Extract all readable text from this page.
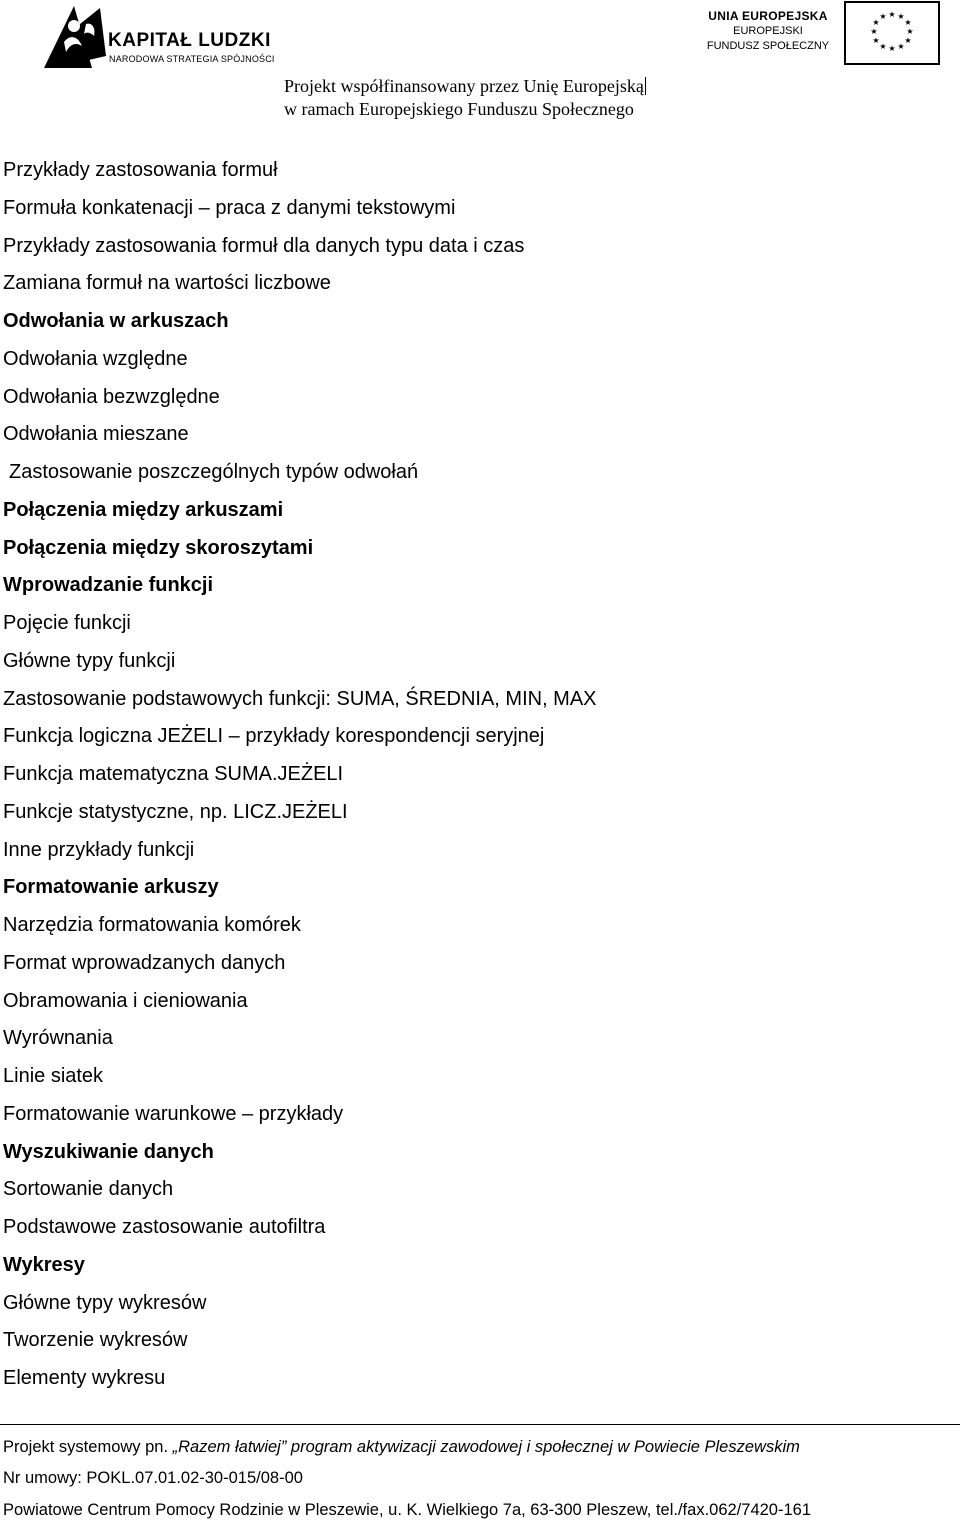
KAPITAŁ LUDZKI
NARODOWA STRATEGIA SPÓJNOŚCI
UNIA EUROPEJSKA
EUROPEJSKI
FUNDUSZ SPOŁECZNY
★ ★
★
★
★
★
★
★
★
★
★
★
Projekt współfinansowany przez Unię Europejską
w ramach Europejskiego Funduszu Społecznego
Przykłady zastosowania formuł
Formuła konkatenacji – praca z danymi tekstowymi
Przykłady zastosowania formuł dla danych typu data i czas
Zamiana formuł na wartości liczbowe
Odwołania w arkuszach
Odwołania względne
Odwołania bezwzględne
Odwołania mieszane
Zastosowanie poszczególnych typów odwołań
Połączenia między arkuszami
Połączenia między skoroszytami
Wprowadzanie funkcji
Pojęcie funkcji
Główne typy funkcji
Zastosowanie podstawowych funkcji: SUMA, ŚREDNIA, MIN, MAX
Funkcja logiczna JEŻELI – przykłady korespondencji seryjnej
Funkcja matematyczna SUMA.JEŻELI
Funkcje statystyczne, np. LICZ.JEŻELI
Inne przykłady funkcji
Formatowanie arkuszy
Narzędzia formatowania komórek
Format wprowadzanych danych
Obramowania i cieniowania
Wyrównania
Linie siatek
Formatowanie warunkowe – przykłady
Wyszukiwanie danych
Sortowanie danych
Podstawowe zastosowanie autofiltra
Wykresy
Główne typy wykresów
Tworzenie wykresów
Elementy wykresu
Projekt systemowy pn. „Razem łatwiej” program aktywizacji zawodowej i społecznej w Powiecie Pleszewskim
Nr umowy: POKL.07.01.02-30-015/08-00
Powiatowe Centrum Pomocy Rodzinie w Pleszewie, u. K. Wielkiego 7a, 63-300 Pleszew, tel./fax.062/7420-161
